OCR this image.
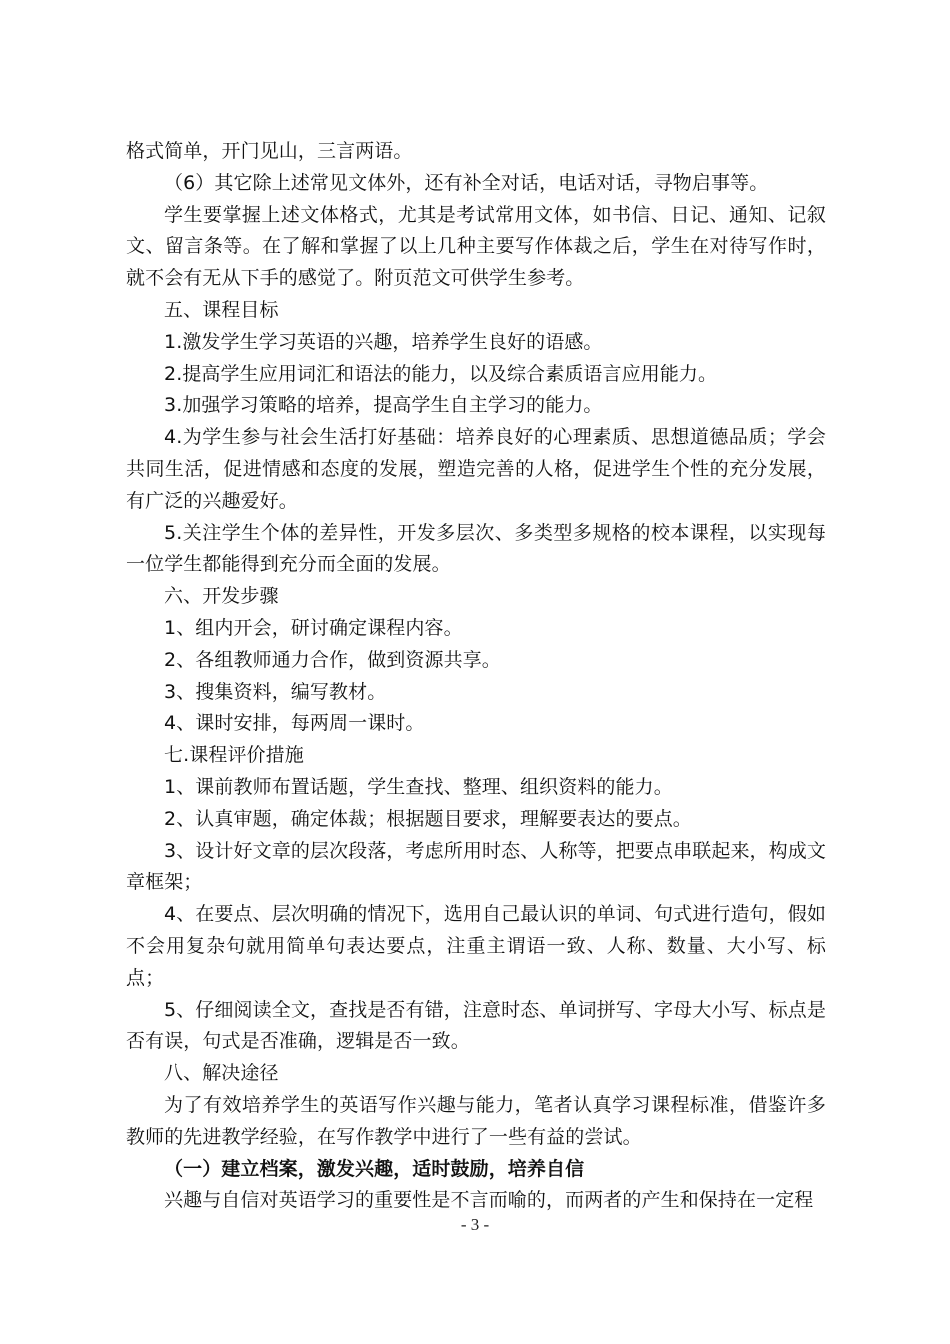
格式简单，开门见山，三言两语。

（6）其它除上述常见文体外，还有补全对话，电话对话，寻物启事等。

学生要掌握上述文体格式，尤其是考试常用文体，如书信、日记、通知、记叙文、留言条等。在了解和掌握了以上几种主要写作体裁之后，学生在对待写作时，就不会有无从下手的感觉了。附页范文可供学生参考。

五、课程目标

1.激发学生学习英语的兴趣，培养学生良好的语感。

2.提高学生应用词汇和语法的能力，以及综合素质语言应用能力。

3.加强学习策略的培养，提高学生自主学习的能力。

4.为学生参与社会生活打好基础：培养良好的心理素质、思想道德品质；学会共同生活，促进情感和态度的发展，塑造完善的人格，促进学生个性的充分发展，有广泛的兴趣爱好。

5.关注学生个体的差异性，开发多层次、多类型多规格的校本课程，以实现每一位学生都能得到充分而全面的发展。

六、开发步骤

1、组内开会，研讨确定课程内容。

2、各组教师通力合作，做到资源共享。

3、搜集资料，编写教材。

4、课时安排，每两周一课时。

七.课程评价措施

1、课前教师布置话题，学生查找、整理、组织资料的能力。

2、认真审题，确定体裁；根据题目要求，理解要表达的要点。

3、设计好文章的层次段落，考虑所用时态、人称等，把要点串联起来，构成文章框架；

4、在要点、层次明确的情况下，选用自己最认识的单词、句式进行造句，假如不会用复杂句就用简单句表达要点，注重主谓语一致、人称、数量、大小写、标点；

5、仔细阅读全文，查找是否有错，注意时态、单词拼写、字母大小写、标点是否有误，句式是否准确，逻辑是否一致。

八、解决途径

为了有效培养学生的英语写作兴趣与能力，笔者认真学习课程标准，借鉴许多教师的先进教学经验，在写作教学中进行了一些有益的尝试。

（一）建立档案，激发兴趣，适时鼓励，培养自信

兴趣与自信对英语学习的重要性是不言而喻的，而两者的产生和保持在一定程

- 3 -
